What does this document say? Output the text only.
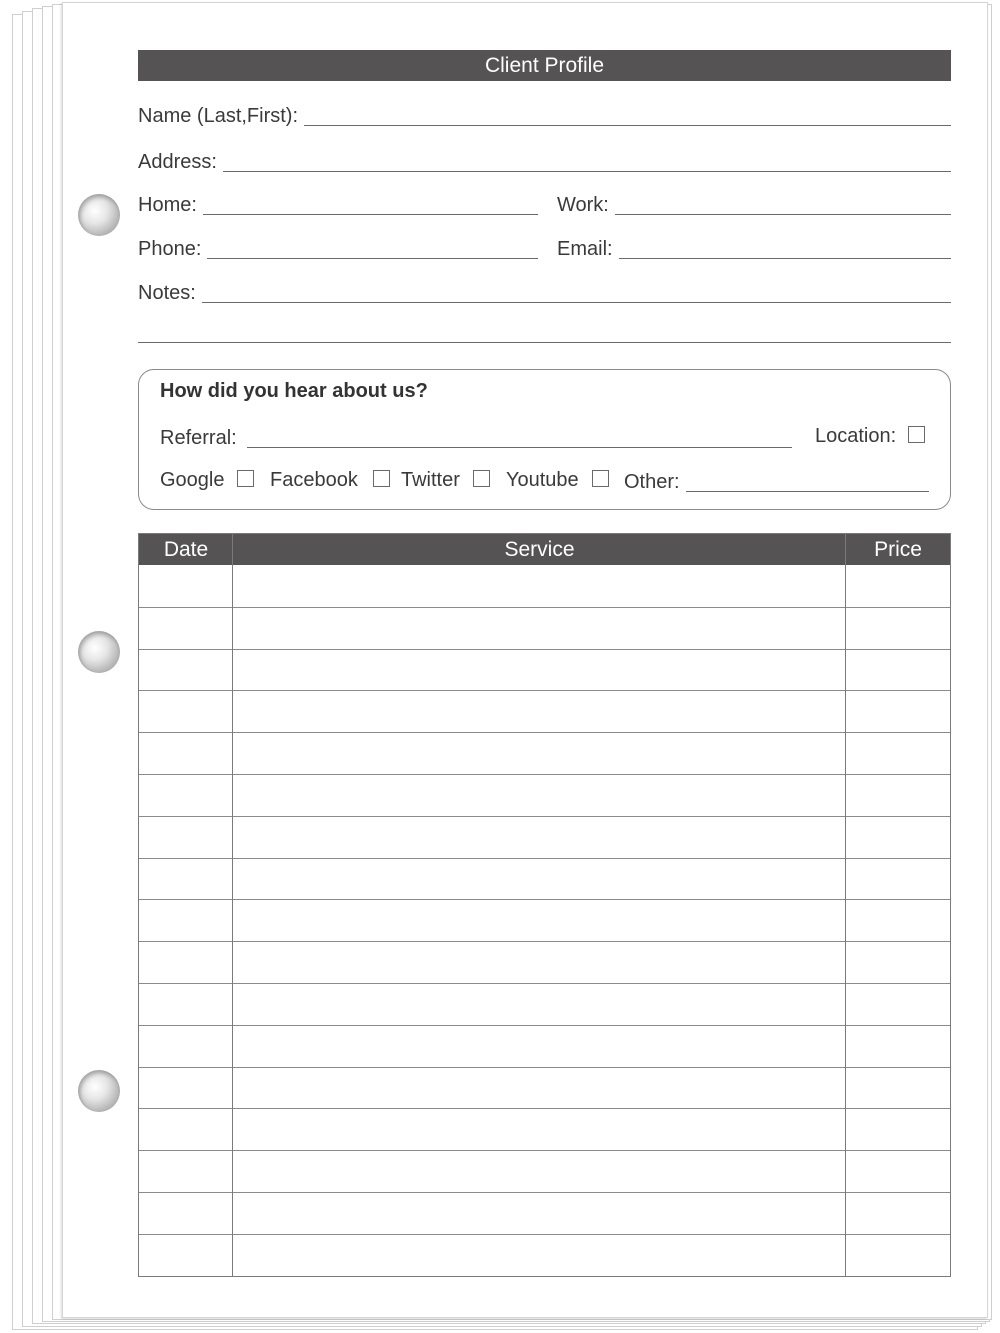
Client Profile
Name (Last,First):
Address:
Home:	Work:
Phone:	Email:
Notes:
How did you hear about us?
Referral:	Location:
Google Facebook Twitter Youtube Other:
Date	Service	Price
